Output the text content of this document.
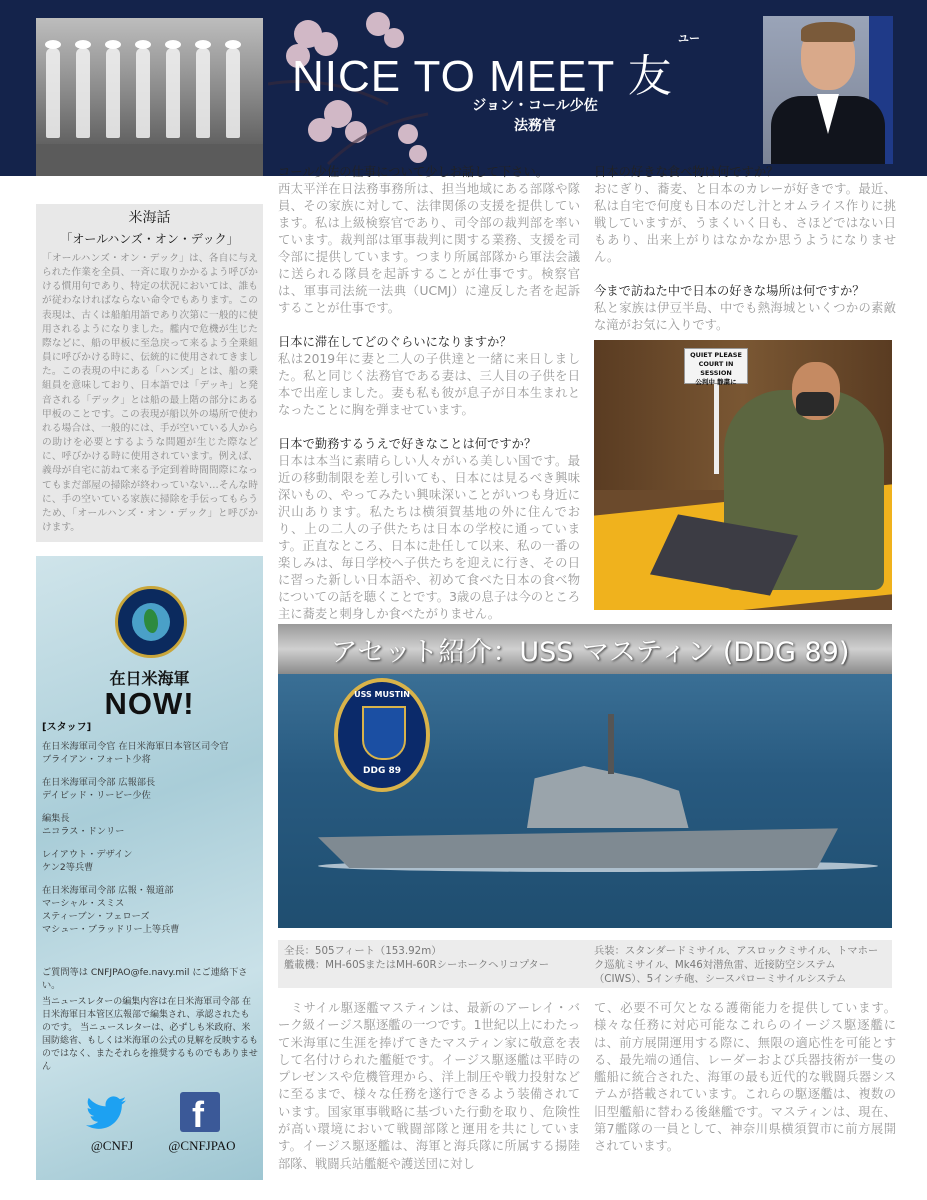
NICE TO MEET 友
ユー
ジョン・コール少佐
法務官
米海話
「オールハンズ・オン・デック」
「オールハンズ・オン・デック」は、各自に与えられた作業を全員、一斉に取りかかるよう呼びかける慣用句であり、特定の状況においては、誰もが従わなければならない命令でもあります。この表現は、古くは船舶用語であり次第に一般的に使用されるようになりました。艦内で危機が生じた際などに、船の甲板に至急戻って来るよう全乗組員に呼びかける時に、伝統的に使用されてきました。この表現の中にある「ハンズ」とは、船の乗組員を意味しており、日本語では「デッキ」と発音される「デック」とは船の最上階の部分にある甲板のことです。この表現が船以外の場所で使われる場合は、一般的には、手が空いている人からの助けを必要とするような問題が生じた際などに、呼びかける時に使用されています。例えば、義母が自宅に訪ねて来る予定到着時間間際になってもまだ部屋の掃除が終わっていない…そんな時に、手の空いている家族に掃除を手伝ってもらうため、「オールハンズ・オン・デック」と呼びかけます。
在日米海軍
NOW!
[スタッフ]
在日米海軍司令官 在日米海軍日本管区司令官
ブライアン・フォート少将
在日米海軍司令部 広報部長
デイビッド・リービー少佐
編集長
ニコラス・ドンリー
レイアウト・デザイン
ケン2等兵曹
在日米海軍司令部 広報・報道部
マーシャル・スミス
スティーブン・フェローズ
マシュー・ブラッドリー上等兵曹
ご質問等は CNFJPAO@fe.navy.mil にご連絡下さい。
当ニュースレターの編集内容は在日米海軍司令部 在日米海軍日本管区広報部で編集され、承認されたものです。 当ニュースレターは、必ずしも米政府、米国防総省、もしくは米海軍の公式の見解を反映するものではなく、またそれらを推奨するものでもありません
f
@CNFJ	@CNFJPAO
コール少佐の仕事について少しお話して下さい。
西太平洋在日法務事務所は、担当地域にある部隊や隊員、その家族に対して、法律関係の支援を提供しています。私は上級検察官であり、司令部の裁判部を率いています。裁判部は軍事裁判に関する業務、支援を司令部に提供しています。つまり所属部隊から軍法会議に送られる隊員を起訴することが仕事です。検察官は、軍事司法統一法典（UCMJ）に違反した者を起訴することが仕事です。
日本に滞在してどのぐらいになりますか？
私は2019年に妻と二人の子供達と一緒に来日しました。私と同じく法務官である妻は、三人目の子供を日本で出産しました。妻も私も彼が息子が日本生まれとなったことに胸を弾ませています。
日本で勤務するうえで好きなことは何ですか？
日本は本当に素晴らしい人々がいる美しい国です。最近の移動制限を差し引いても、日本には見るべき興味深いもの、やってみたい興味深いことがいつも身近に沢山あります。私たちは横須賀基地の外に住んでおり、上の二人の子供たちは日本の学校に通っています。正直なところ、日本に赴任して以来、私の一番の楽しみは、毎日学校へ子供たちを迎えに行き、その日に習った新しい日本語や、初めて食べた日本の食べ物についての話を聴くことです。3歳の息子は今のところ主に蕎麦と刺身しか食べたがりません。
日本の好きな食べ物は何ですか？
おにぎり、蕎麦、と日本のカレーが好きです。最近、私は自宅で何度も日本のだし汁とオムライス作りに挑戦していますが、うまくいく日も、さほどではない日もあり、出来上がりはなかなか思うようになりません。
今まで訪ねた中で日本の好きな場所は何ですか？
私と家族は伊豆半島、中でも熱海城といくつかの素敵な滝がお気に入りです。
QUIET PLEASE
COURT IN SESSION
公判中 静粛に
アセット紹介：USS マスティン (DDG 89)
USS MUSTIN
DDG 89
全長：505フィート（153.92m）
艦載機：MH-60SまたはMH-60Rシーホークヘリコプター
兵装：スタンダードミサイル、アスロックミサイル、トマホーク巡航ミサイル、Mk46対潜魚雷、近接防空システム（CIWS）、5インチ砲、シースパローミサイルシステム
　ミサイル駆逐艦マスティンは、最新のアーレイ・バーク級イージス駆逐艦の一つです。1世紀以上にわたって米海軍に生涯を捧げてきたマスティン家に敬意を表して名付けられた艦艇です。イージス駆逐艦は平時のプレゼンスや危機管理から、洋上制圧や戦力投射などに至るまで、様々な任務を遂行できるよう装備されています。国家軍事戦略に基づいた行動を取り、危険性が高い環境において戦闘部隊と運用を共にしています。イージス駆逐艦は、海軍と海兵隊に所属する揚陸部隊、戦闘兵站艦艇や護送団に対し
て、必要不可欠となる護衛能力を提供しています。様々な任務に対応可能なこれらのイージス駆逐艦には、前方展開運用する際に、無限の適応性を可能とする、最先端の通信、レーダーおよび兵器技術が一隻の艦船に統合された、海軍の最も近代的な戦闘兵器システムが搭載されています。これらの駆逐艦は、複数の旧型艦船に替わる後継艦です。マスティンは、現在、第7艦隊の一員として、神奈川県横須賀市に前方展開されています。
